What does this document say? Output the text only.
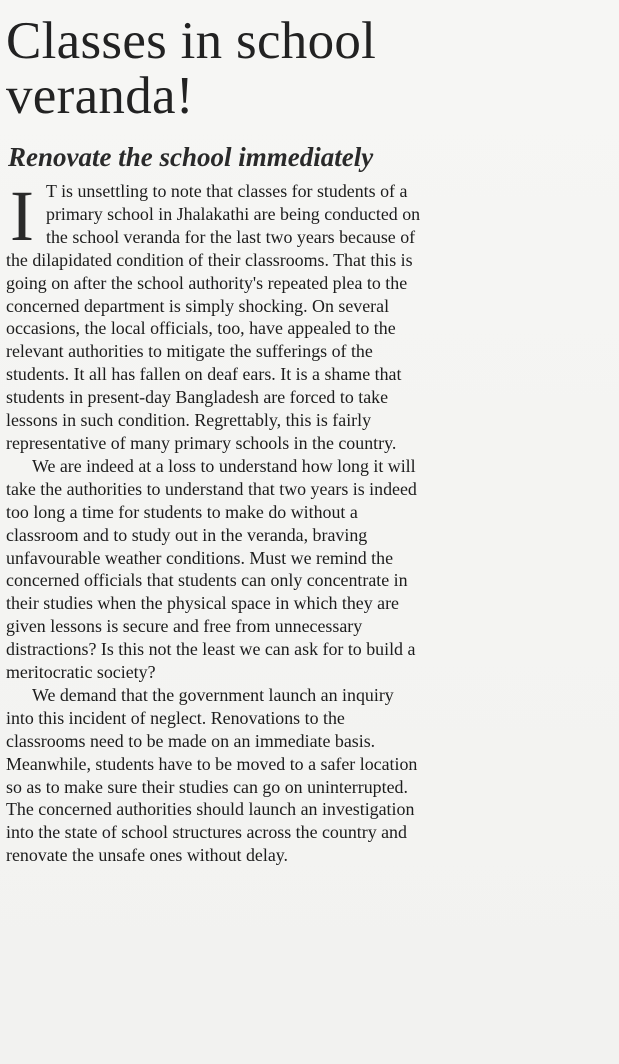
Classes in school
veranda!
Renovate the school immediately
I T is unsettling to note that classes for students of a
primary school in Jhalakathi are being conducted on
the school veranda for the last two years because of
the dilapidated condition of their classrooms. That this is
going on after the school authority's repeated plea to the
concerned department is simply shocking. On several
occasions, the local officials, too, have appealed to the
relevant authorities to mitigate the sufferings of the
students. It all has fallen on deaf ears. It is a shame that
students in present-day Bangladesh are forced to take
lessons in such condition. Regrettably, this is fairly
representative of many primary schools in the country.
We are indeed at a loss to understand how long it will
take the authorities to understand that two years is indeed
too long a time for students to make do without a
classroom and to study out in the veranda, braving
unfavourable weather conditions. Must we remind the
concerned officials that students can only concentrate in
their studies when the physical space in which they are
given lessons is secure and free from unnecessary
distractions? Is this not the least we can ask for to build a
meritocratic society?
We demand that the government launch an inquiry
into this incident of neglect. Renovations to the
classrooms need to be made on an immediate basis.
Meanwhile, students have to be moved to a safer location
so as to make sure their studies can go on uninterrupted.
The concerned authorities should launch an investigation
into the state of school structures across the country and
renovate the unsafe ones without delay.
